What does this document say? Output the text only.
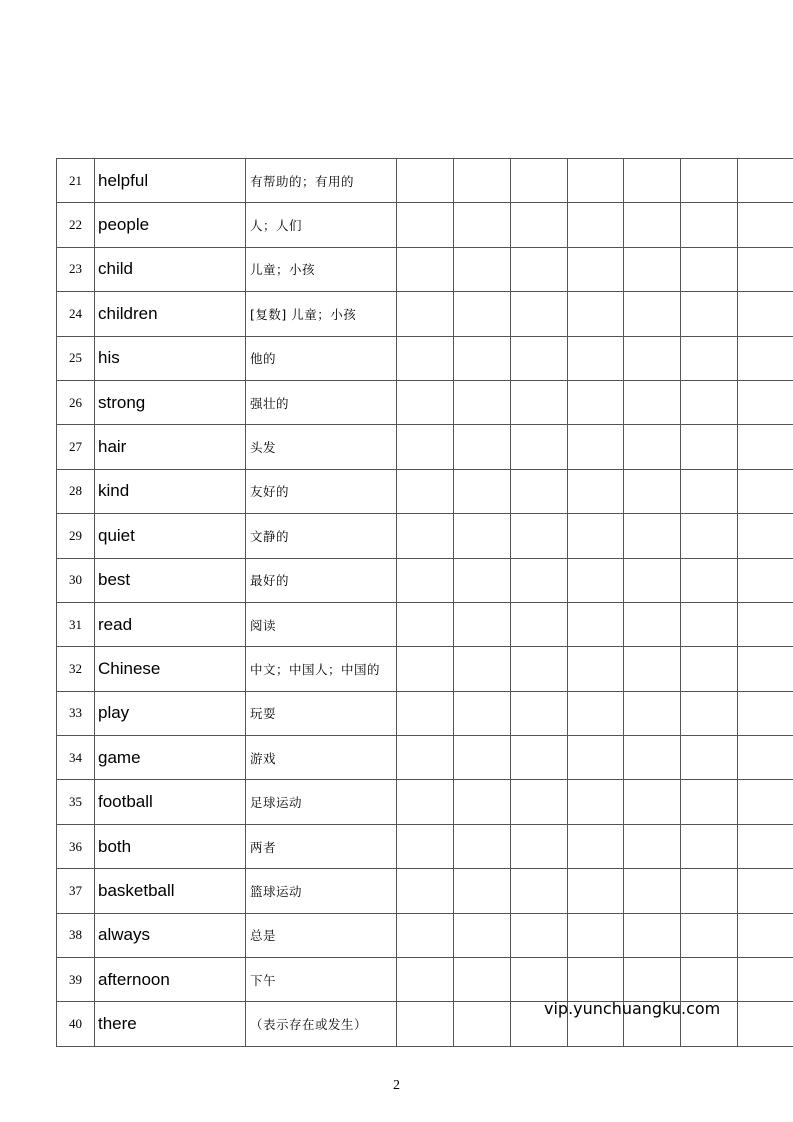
21	helpful	有帮助的；有用的							
22	people	人；人们							
23	child	儿童；小孩							
24	children	[复数] 儿童；小孩							
25	his	他的							
26	strong	强壮的							
27	hair	头发							
28	kind	友好的							
29	quiet	文静的							
30	best	最好的							
31	read	阅读							
32	Chinese	中文；中国人；中国的							
33	play	玩耍							
34	game	游戏							
35	football	足球运动							
36	both	两者							
37	basketball	篮球运动							
38	always	总是							
39	afternoon	下午							
40	there	（表示存在或发生）							
vip.yunchuangku.com
2
